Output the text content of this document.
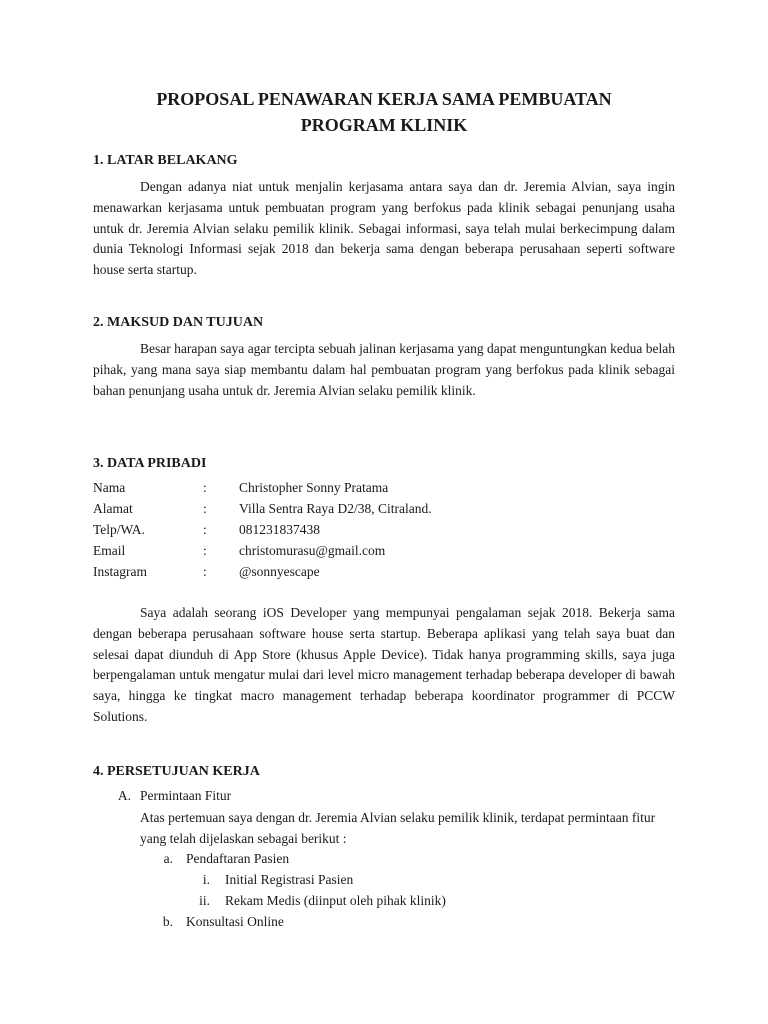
PROPOSAL PENAWARAN KERJA SAMA PEMBUATAN
PROGRAM KLINIK
1. LATAR BELAKANG
Dengan adanya niat untuk menjalin kerjasama antara saya dan dr. Jeremia Alvian, saya ingin menawarkan kerjasama untuk pembuatan program yang berfokus pada klinik sebagai penunjang usaha untuk dr. Jeremia Alvian selaku pemilik klinik. Sebagai informasi, saya telah mulai berkecimpung dalam dunia Teknologi Informasi sejak 2018 dan bekerja sama dengan beberapa perusahaan seperti software house serta startup.
2. MAKSUD DAN TUJUAN
Besar harapan saya agar tercipta sebuah jalinan kerjasama yang dapat menguntungkan kedua belah pihak, yang mana saya siap membantu dalam hal pembuatan program yang berfokus pada klinik sebagai bahan penunjang usaha untuk dr. Jeremia Alvian selaku pemilik klinik.
3. DATA PRIBADI
Nama	: Christopher Sonny Pratama
Alamat	: Villa Sentra Raya D2/38, Citraland.
Telp/WA.	: 081231837438
Email	: christomurasu@gmail.com
Instagram	: @sonnyescape
Saya adalah seorang iOS Developer yang mempunyai pengalaman sejak 2018. Bekerja sama dengan beberapa perusahaan software house serta startup. Beberapa aplikasi yang telah saya buat dan selesai dapat diunduh di App Store (khusus Apple Device). Tidak hanya programming skills, saya juga berpengalaman untuk mengatur mulai dari level micro management terhadap beberapa developer di bawah saya, hingga ke tingkat macro management terhadap beberapa koordinator programmer di PCCW Solutions.
4. PERSETUJUAN KERJA
A. Permintaan Fitur
Atas pertemuan saya dengan dr. Jeremia Alvian selaku pemilik klinik, terdapat permintaan fitur yang telah dijelaskan sebagai berikut :
a. Pendaftaran Pasien
i. Initial Registrasi Pasien
ii. Rekam Medis (diinput oleh pihak klinik)
b. Konsultasi Online
